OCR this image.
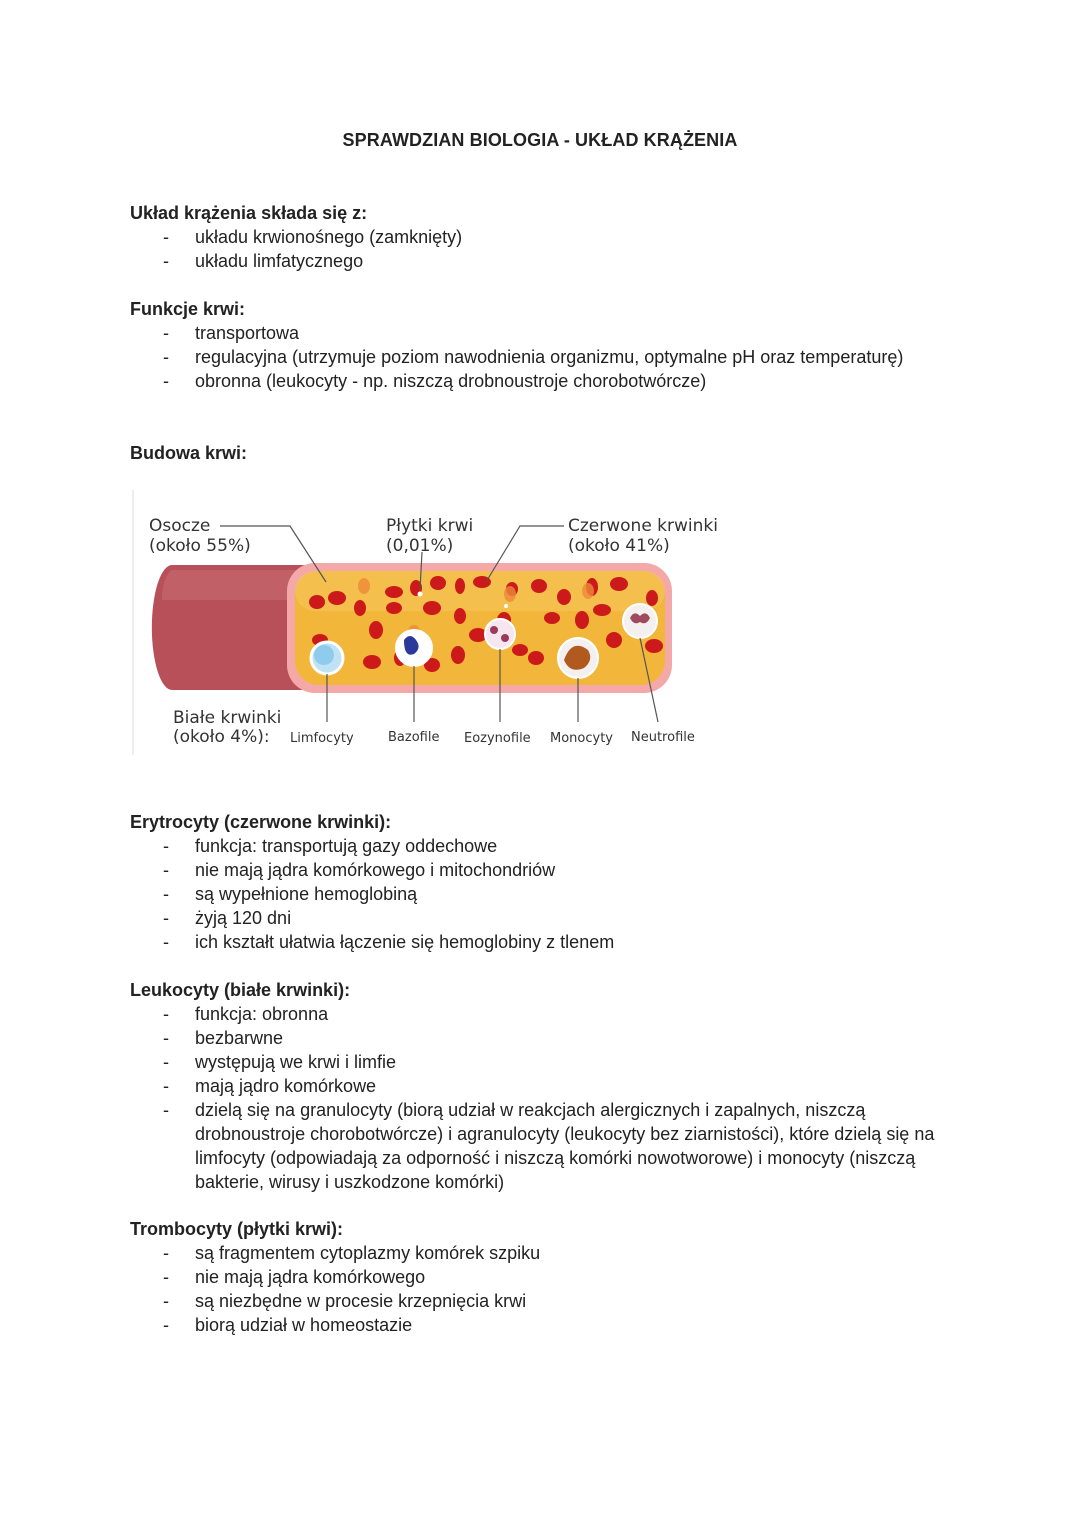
SPRAWDZIAN BIOLOGIA - UKŁAD KRĄŻENIA

Układ krążenia składa się z:

- układu krwionośnego (zamknięty)
- układu limfatycznego

Funkcje krwi:

- transportowa
- regulacyjna (utrzymuje poziom nawodnienia organizmu, optymalne pH oraz temperaturę)
- obronna (leukocyty - np. niszczą drobnoustroje chorobotwórcze)

Budowa krwi:

Osocze
(około 55%)
Płytki krwi
(0,01%)
Czerwone krwinki
(około 41%)
Białe krwinki
(około 4%): Limfocyty	Bazofile Eozynofile Monocyty Neutrofile

Erytrocyty (czerwone krwinki):

- funkcja: transportują gazy oddechowe
- nie mają jądra komórkowego i mitochondriów
- są wypełnione hemoglobiną
- żyją 120 dni
- ich kształt ułatwia łączenie się hemoglobiny z tlenem

Leukocyty (białe krwinki):

- funkcja: obronna
- bezbarwne
- występują we krwi i limfie
- mają jądro komórkowe
- dzielą się na granulocyty (biorą udział w reakcjach alergicznych i zapalnych, niszczą drobnoustroje chorobotwórcze) i agranulocyty (leukocyty bez ziarnistości), które dzielą się na limfocyty (odpowiadają za odporność i niszczą komórki nowotworowe) i monocyty (niszczą bakterie, wirusy i uszkodzone komórki)

Trombocyty (płytki krwi):

- są fragmentem cytoplazmy komórek szpiku
- nie mają jądra komórkowego
- są niezbędne w procesie krzepnięcia krwi
- biorą udział w homeostazie
